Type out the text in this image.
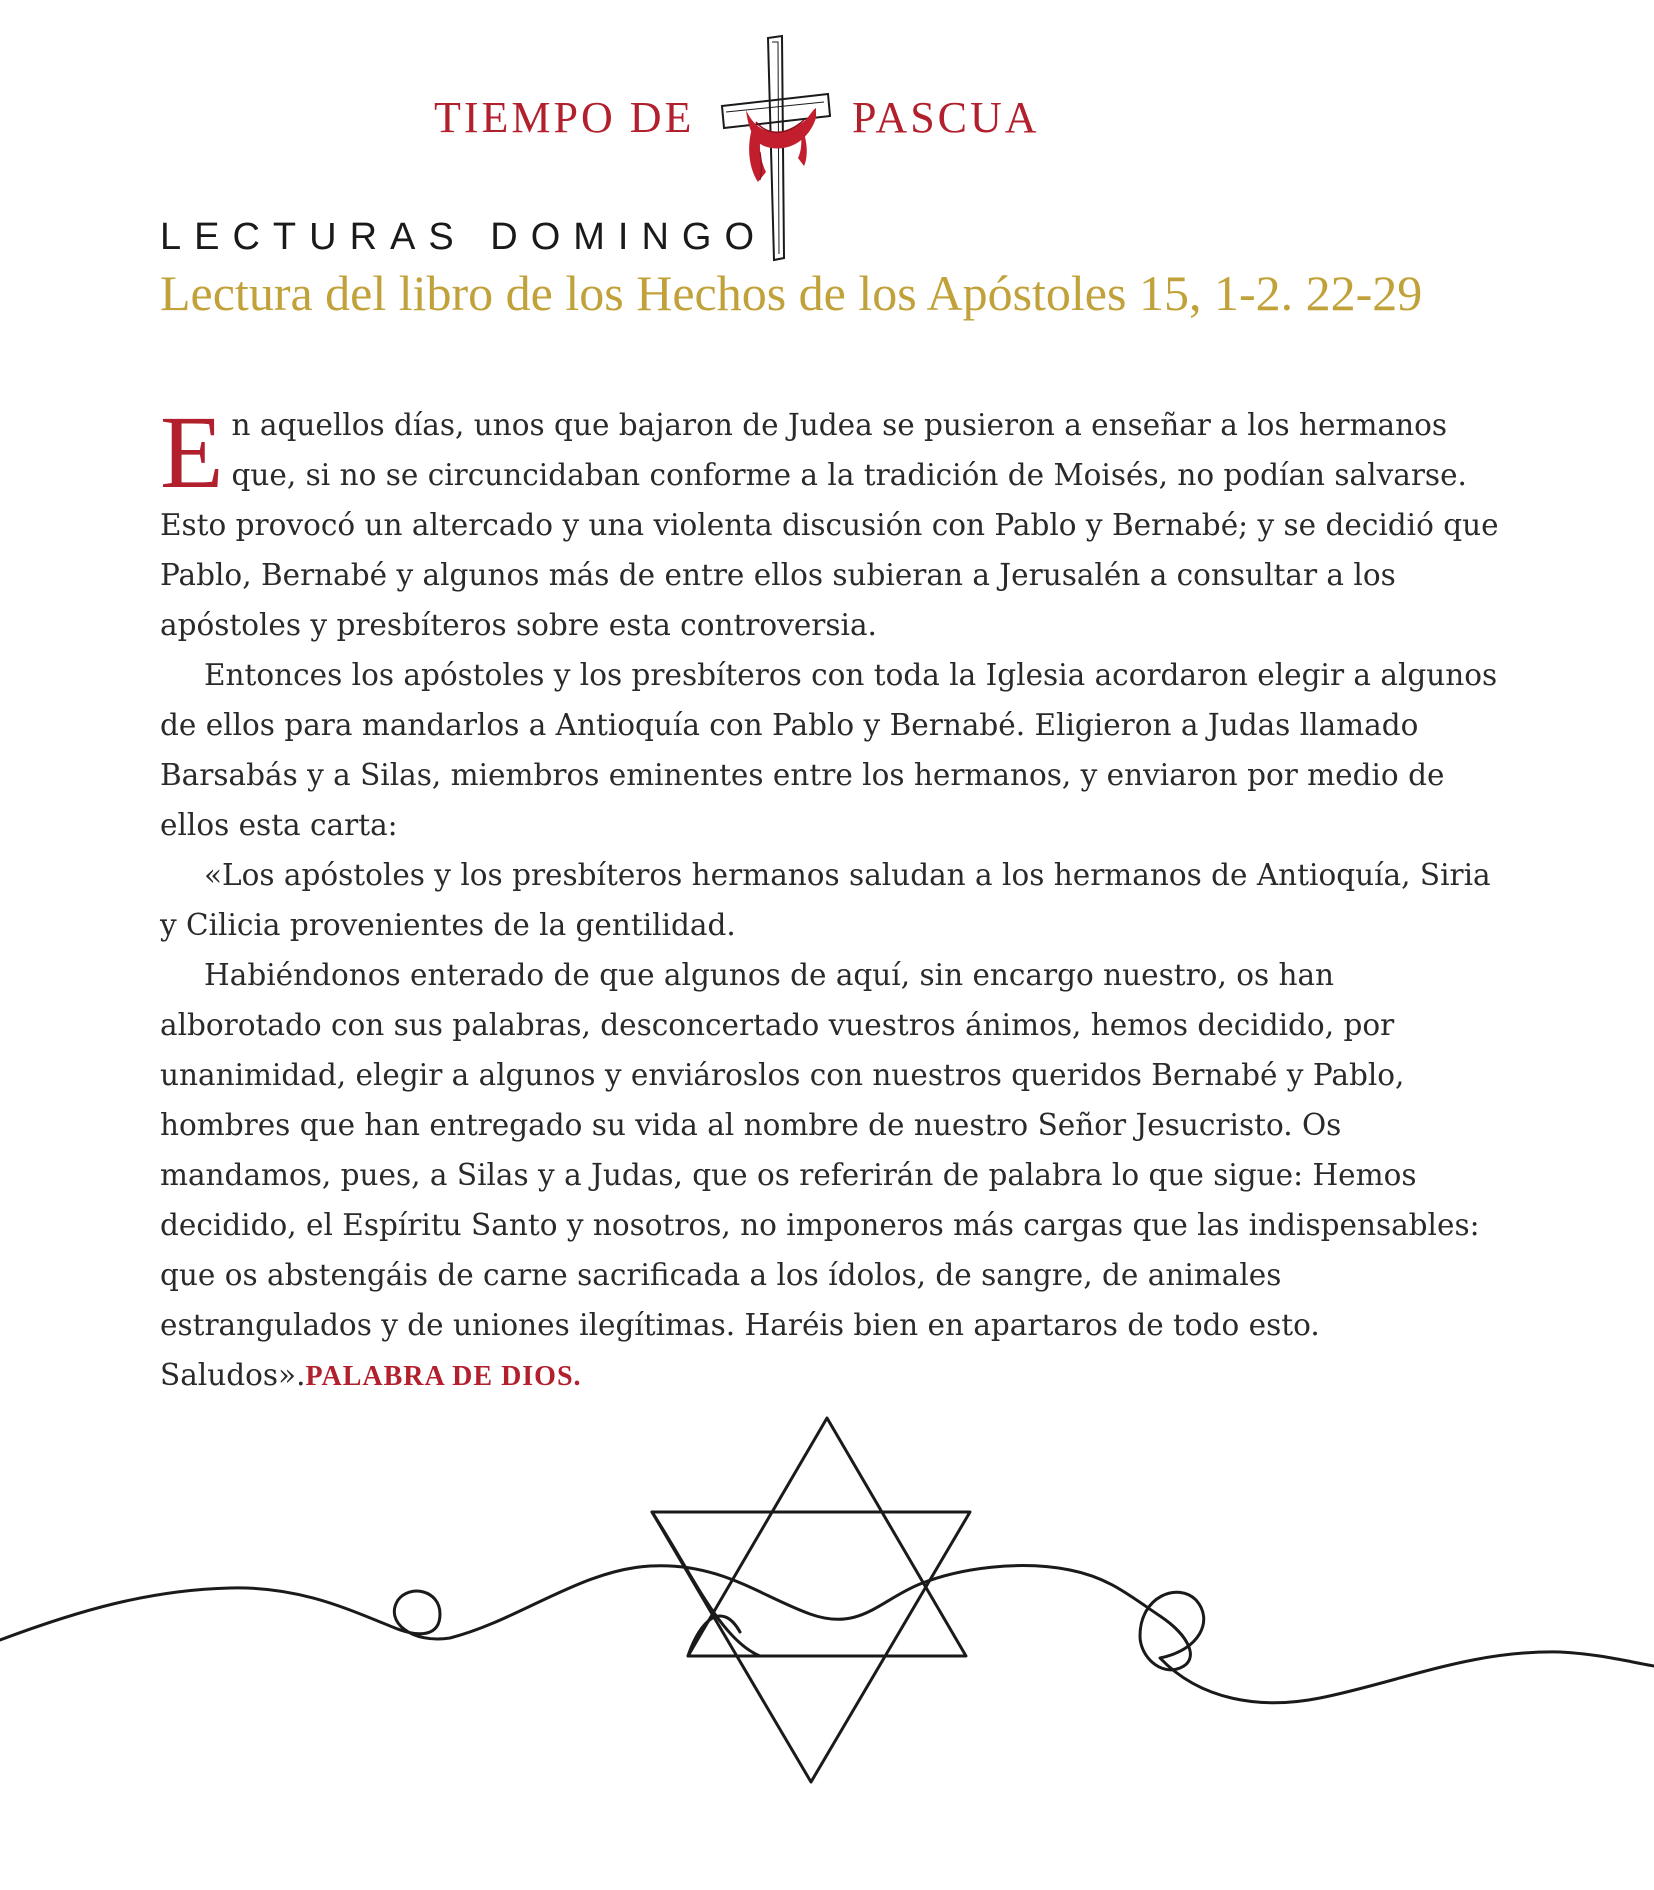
TIEMPO DE	PASCUA
LECTURAS DOMINGO
Lectura del libro de los Hechos de los Apóstoles 15, 1-2. 22-29

En aquellos días, unos que bajaron de Judea se pusieron a enseñar a los hermanos que, si no se circuncidaban conforme a la tradición de Moisés, no podían salvarse. Esto provocó un altercado y una violenta discusión con Pablo y Bernabé; y se decidió que Pablo, Bernabé y algunos más de entre ellos subieran a Jerusalén a consultar a los apóstoles y presbíteros sobre esta controversia.

Entonces los apóstoles y los presbíteros con toda la Iglesia acordaron elegir a algunos de ellos para mandarlos a Antioquía con Pablo y Bernabé. Eligieron a Judas llamado Barsabás y a Silas, miembros eminentes entre los hermanos, y enviaron por medio de ellos esta carta:

«Los apóstoles y los presbíteros hermanos saludan a los hermanos de Antioquía, Siria y Cilicia provenientes de la gentilidad.

Habiéndonos enterado de que algunos de aquí, sin encargo nuestro, os han alborotado con sus palabras, desconcertado vuestros ánimos, hemos decidido, por unanimidad, elegir a algunos y enviároslos con nuestros queridos Bernabé y Pablo, hombres que han entregado su vida al nombre de nuestro Señor Jesucristo. Os mandamos, pues, a Silas y a Judas, que os referirán de palabra lo que sigue: Hemos decidido, el Espíritu Santo y nosotros, no imponeros más cargas que las indispensables: que os abstengáis de carne sacrificada a los ídolos, de sangre, de animales estrangulados y de uniones ilegítimas. Haréis bien en apartaros de todo esto. Saludos».PALABRA DE DIOS.
